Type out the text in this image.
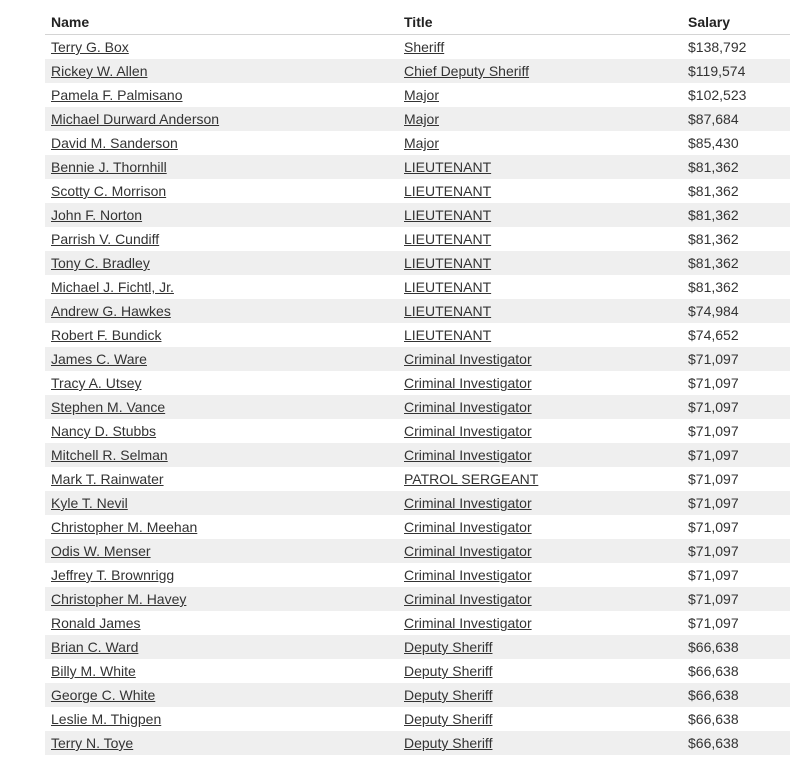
Name	Title	Salary
Terry G. Box	Sheriff	$138,792
Rickey W. Allen	Chief Deputy Sheriff	$119,574
Pamela F. Palmisano	Major	$102,523
Michael Durward Anderson	Major	$87,684
David M. Sanderson	Major	$85,430
Bennie J. Thornhill	LIEUTENANT	$81,362
Scotty C. Morrison	LIEUTENANT	$81,362
John F. Norton	LIEUTENANT	$81,362
Parrish V. Cundiff	LIEUTENANT	$81,362
Tony C. Bradley	LIEUTENANT	$81,362
Michael J. Fichtl, Jr.	LIEUTENANT	$81,362
Andrew G. Hawkes	LIEUTENANT	$74,984
Robert F. Bundick	LIEUTENANT	$74,652
James C. Ware	Criminal Investigator	$71,097
Tracy A. Utsey	Criminal Investigator	$71,097
Stephen M. Vance	Criminal Investigator	$71,097
Nancy D. Stubbs	Criminal Investigator	$71,097
Mitchell R. Selman	Criminal Investigator	$71,097
Mark T. Rainwater	PATROL SERGEANT	$71,097
Kyle T. Nevil	Criminal Investigator	$71,097
Christopher M. Meehan	Criminal Investigator	$71,097
Odis W. Menser	Criminal Investigator	$71,097
Jeffrey T. Brownrigg	Criminal Investigator	$71,097
Christopher M. Havey	Criminal Investigator	$71,097
Ronald James	Criminal Investigator	$71,097
Brian C. Ward	Deputy Sheriff	$66,638
Billy M. White	Deputy Sheriff	$66,638
George C. White	Deputy Sheriff	$66,638
Leslie M. Thigpen	Deputy Sheriff	$66,638
Terry N. Toye	Deputy Sheriff	$66,638
